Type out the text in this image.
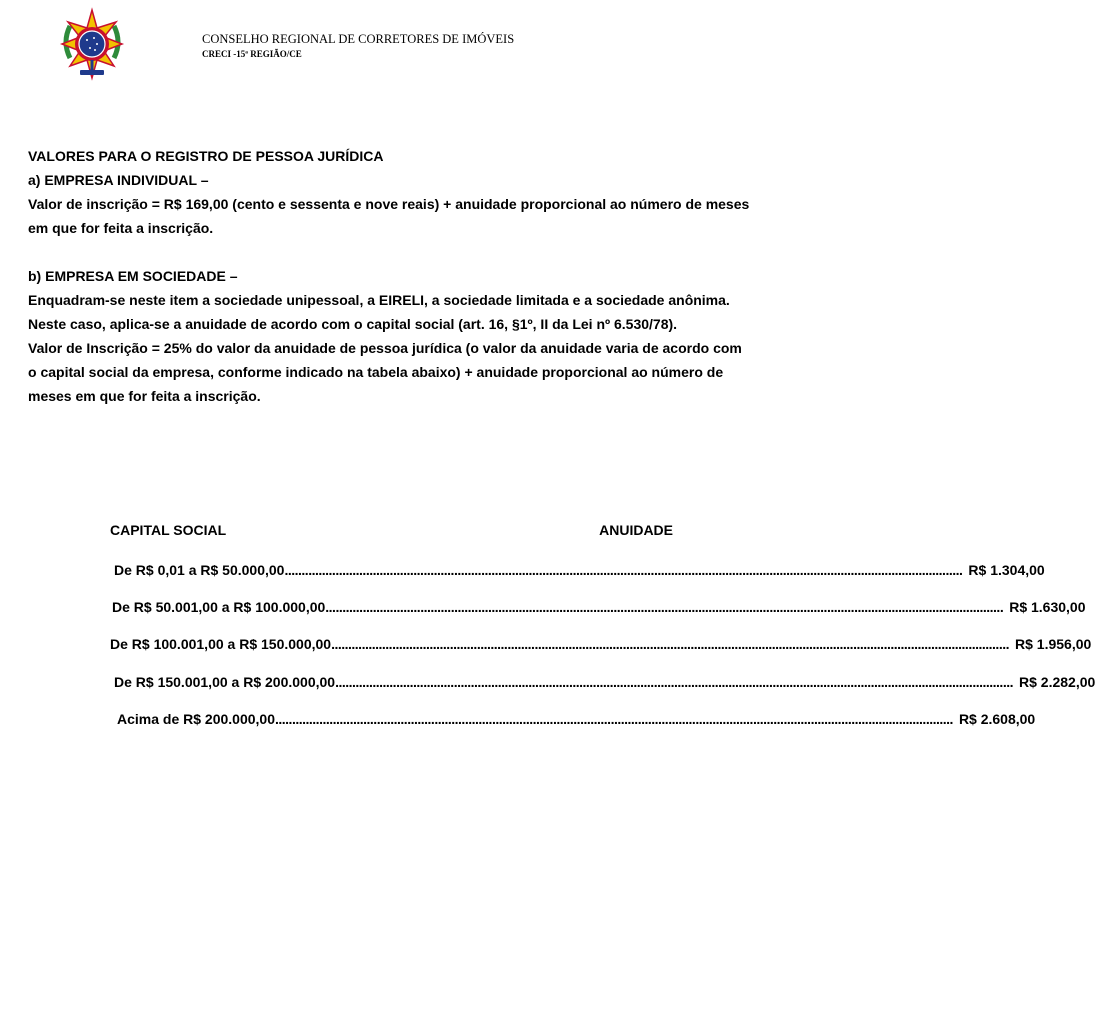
CONSELHO REGIONAL DE CORRETORES DE IMÓVEIS
CRECI -15ª REGIÃO/CE

VALORES PARA O REGISTRO DE PESSOA JURÍDICA

a) EMPRESA INDIVIDUAL –

Valor de inscrição = R$ 169,00 (cento e sessenta e nove reais) + anuidade proporcional ao número de meses em que for feita a inscrição.

b) EMPRESA EM SOCIEDADE –

Enquadram-se neste item a sociedade unipessoal, a EIRELI, a sociedade limitada e a sociedade anônima. Neste caso, aplica-se a anuidade de acordo com o capital social (art. 16, §1º, II da Lei nº 6.530/78).

Valor de Inscrição = 25% do valor da anuidade de pessoa jurídica (o valor da anuidade varia de acordo com o capital social da empresa, conforme indicado na tabela abaixo) + anuidade proporcional ao número de meses em que for feita a inscrição.

CAPITAL SOCIAL	ANUIDADE
De R$ 0,01 a R$ 50.000,00 ........................................................................................................................................................................................................ R$ 1.304,00
De R$ 50.001,00 a R$ 100.000,00 ........................................................................................................................................................................................................ R$ 1.630,00
De R$ 100.001,00 a R$ 150.000,00 ........................................................................................................................................................................................................ R$ 1.956,00
De R$ 150.001,00 a R$ 200.000,00 ........................................................................................................................................................................................................ R$ 2.282,00
Acima de R$ 200.000,00 ........................................................................................................................................................................................................ R$ 2.608,00
